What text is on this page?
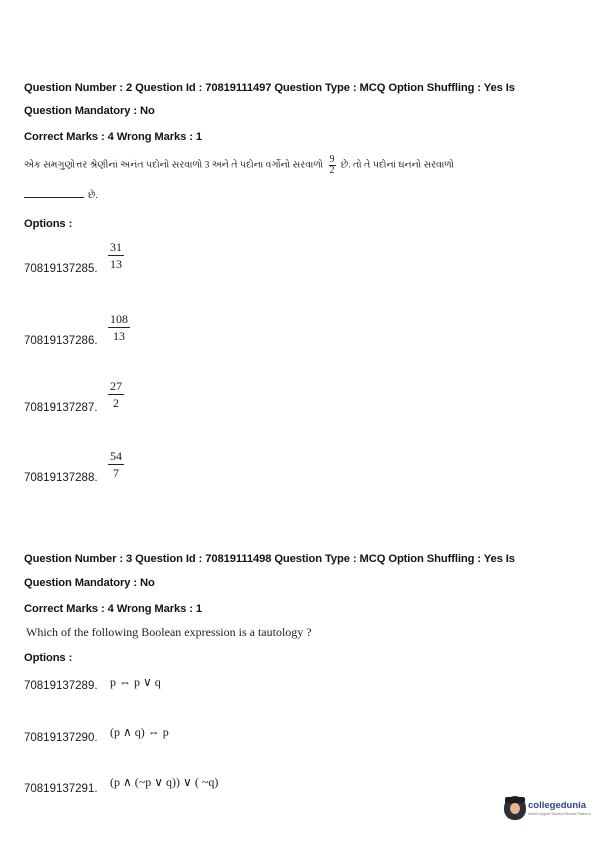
Question Number : 2 Question Id : 70819111497 Question Type : MCQ Option Shuffling : Yes Is
Question Mandatory : No
Correct Marks : 4 Wrong Marks : 1
એક સમગુણોત્તર શ્રેણીનાં અનંત પદોનો સરવાળો 3 અને તે પદોના વર્ગોનો સરવાળો $\frac{9}{2}$ છે. તો તે પદોનાં ઘનનો સરવાળો
છે.
Options :
70819137285. $\frac{31}{13}$
70819137286. $\frac{108}{13}$
70819137287. $\frac{27}{2}$
70819137288. $\frac{54}{7}$
Question Number : 3 Question Id : 70819111498 Question Type : MCQ Option Shuffling : Yes Is
Question Mandatory : No
Correct Marks : 4 Wrong Marks : 1
Which of the following Boolean expression is a tautology ?
Options :
70819137289. p ⇔ p ∨ q
70819137290. (p ∧ q) ⇔ p
70819137291. (p ∧ (~p ∨ q)) ∨ ( ~q)
collegedunia
India's largest Student Review Platform
